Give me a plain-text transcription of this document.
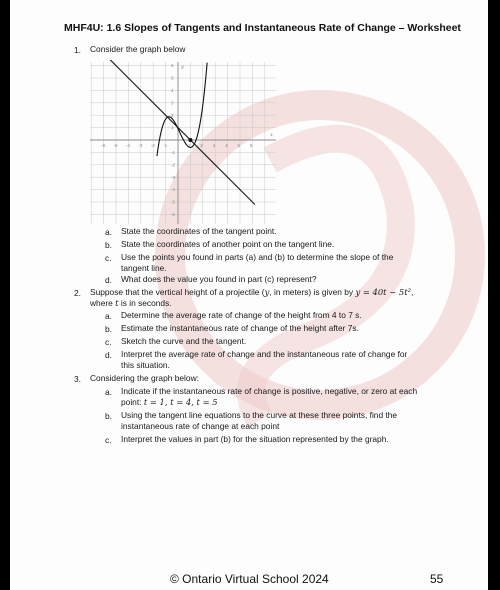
MHF4U: 1.6 Slopes of Tangents and Instantaneous Rate of Change – Worksheet
1. Consider the graph below
x
y
-6 -5 -4 -3 -2 -1	1 2 3 4 5 6
6
5
4
3
2
1
-1
-2
-3
-4
-5
-6
a. State the coordinates of the tangent point.
b. State the coordinates of another point on the tangent line.
c. Use the points you found in parts (a) and (b) to determine the slope of the
tangent line.
d. What does the value you found in part (c) represent?
2. Suppose that the vertical height of a projectile (y, in meters) is given by y = 40t − 5t²,
where t is in seconds.
a. Determine the average rate of change of the height from 4 to 7 s.
b. Estimate the instantaneous rate of change of the height after 7s.
c. Sketch the curve and the tangent.
d. Interpret the average rate of change and the instantaneous rate of change for
this situation.
3. Considering the graph below:
a. Indicate if the instantaneous rate of change is positive, negative, or zero at each
point: t = 1, t = 4, t = 5
b. Using the tangent line equations to the curve at these three points, find the
instantaneous rate of change at each point
c. Interpret the values in part (b) for the situation represented by the graph.
© Ontario Virtual School 2024	55
